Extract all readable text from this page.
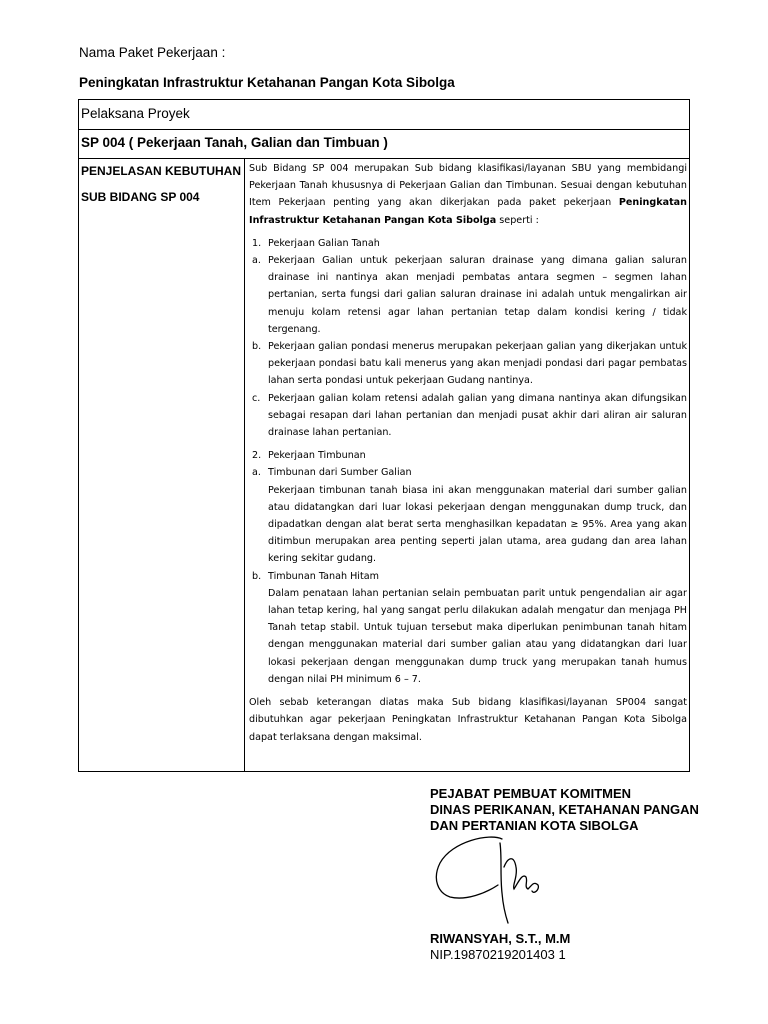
Nama Paket Pekerjaan :
Peningkatan Infrastruktur Ketahanan Pangan Kota Sibolga
Pelaksana Proyek
SP 004 ( Pekerjaan Tanah, Galian dan Timbuan )
PENJELASAN KEBUTUHAN
SUB BIDANG SP 004

Sub Bidang SP 004 merupakan Sub bidang klasifikasi/layanan SBU yang membidangi Pekerjaan Tanah khususnya di Pekerjaan Galian dan Timbunan. Sesuai dengan kebutuhan Item Pekerjaan penting yang akan dikerjakan pada paket pekerjaan Peningkatan Infrastruktur Ketahanan Pangan Kota Sibolga seperti :

1. Pekerjaan Galian Tanah
a. Pekerjaan Galian untuk pekerjaan saluran drainase yang dimana galian saluran drainase ini nantinya akan menjadi pembatas antara segmen – segmen lahan pertanian, serta fungsi dari galian saluran drainase ini adalah untuk mengalirkan air menuju kolam retensi agar lahan pertanian tetap dalam kondisi kering / tidak tergenang.
b. Pekerjaan galian pondasi menerus merupakan pekerjaan galian yang dikerjakan untuk pekerjaan pondasi batu kali menerus yang akan menjadi pondasi dari pagar pembatas lahan serta pondasi untuk pekerjaan Gudang nantinya.
c. Pekerjaan galian kolam retensi adalah galian yang dimana nantinya akan difungsikan sebagai resapan dari lahan pertanian dan menjadi pusat akhir dari aliran air saluran drainase lahan pertanian.
2. Pekerjaan Timbunan
a. Timbunan dari Sumber Galian

Pekerjaan timbunan tanah biasa ini akan menggunakan material dari sumber galian atau didatangkan dari luar lokasi pekerjaan dengan menggunakan dump truck, dan dipadatkan dengan alat berat serta menghasilkan kepadatan ≥ 95%. Area yang akan ditimbun merupakan area penting seperti jalan utama, area gudang dan area lahan kering sekitar gudang.

b. Timbunan Tanah Hitam

Dalam penataan lahan pertanian selain pembuatan parit untuk pengendalian air agar lahan tetap kering, hal yang sangat perlu dilakukan adalah mengatur dan menjaga PH Tanah tetap stabil. Untuk tujuan tersebut maka diperlukan penimbunan tanah hitam dengan menggunakan material dari sumber galian atau yang didatangkan dari luar lokasi pekerjaan dengan menggunakan dump truck yang merupakan tanah humus dengan nilai PH minimum 6 – 7.

Oleh sebab keterangan diatas maka Sub bidang klasifikasi/layanan SP004 sangat dibutuhkan agar pekerjaan Peningkatan Infrastruktur Ketahanan Pangan Kota Sibolga dapat terlaksana dengan maksimal.

PEJABAT PEMBUAT KOMITMEN
DINAS PERIKANAN, KETAHANAN PANGAN
DAN PERTANIAN KOTA SIBOLGA
RIWANSYAH, S.T., M.M
NIP.19870219201403 1
